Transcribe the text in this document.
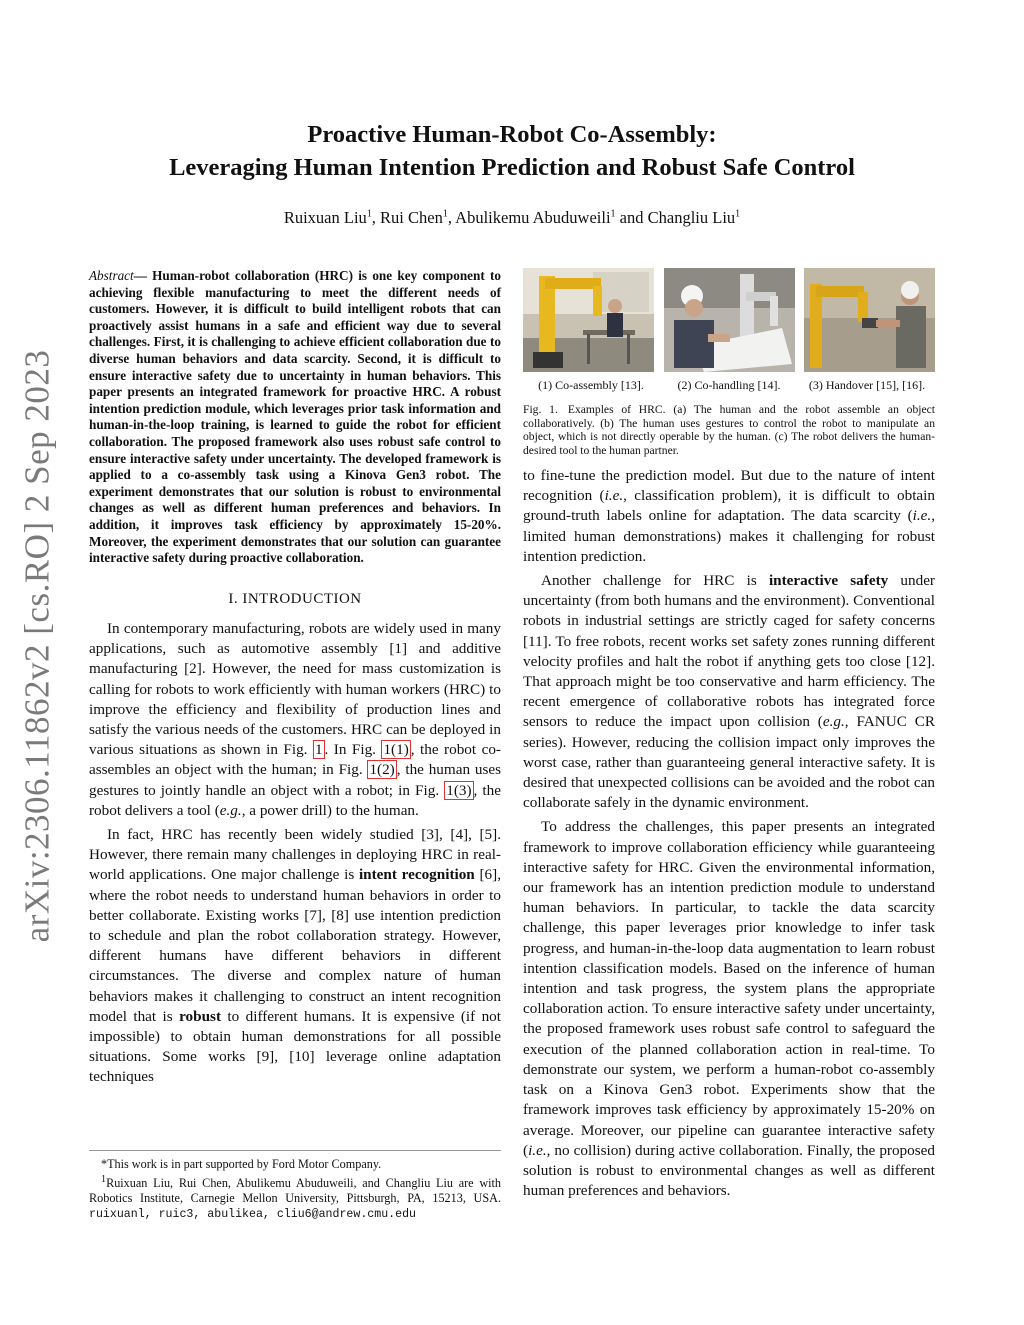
arXiv:2306.11862v2 [cs.RO] 2 Sep 2023
Proactive Human-Robot Co-Assembly:
Leveraging Human Intention Prediction and Robust Safe Control
Ruixuan Liu$^1$, Rui Chen$^1$, Abulikemu Abuduweili$^1$ and Changliu Liu$^1$

Abstract— Human-robot collaboration (HRC) is one key component to achieving flexible manufacturing to meet the different needs of customers. However, it is difficult to build intelligent robots that can proactively assist humans in a safe and efficient way due to several challenges. First, it is challenging to achieve efficient collaboration due to diverse human behaviors and data scarcity. Second, it is difficult to ensure interactive safety due to uncertainty in human behaviors. This paper presents an integrated framework for proactive HRC. A robust intention prediction module, which leverages prior task information and human-in-the-loop training, is learned to guide the robot for efficient collaboration. The proposed framework also uses robust safe control to ensure interactive safety under uncertainty. The developed framework is applied to a co-assembly task using a Kinova Gen3 robot. The experiment demonstrates that our solution is robust to environmental changes as well as different human preferences and behaviors. In addition, it improves task efficiency by approximately 15-20%. Moreover, the experiment demonstrates that our solution can guarantee interactive safety during proactive collaboration.

I. INTRODUCTION

In contemporary manufacturing, robots are widely used in many applications, such as automotive assembly [1] and additive manufacturing [2]. However, the need for mass customization is calling for robots to work efficiently with human workers (HRC) to improve the efficiency and flexibility of production lines and satisfy the various needs of the customers. HRC can be deployed in various situations as shown in Fig. 1 . In Fig. 1(1) , the robot co-assembles an object with the human; in Fig. 1(2) , the human uses gestures to jointly handle an object with a robot; in Fig. 1(3) , the robot delivers a tool (e.g., a power drill) to the human.

In fact, HRC has recently been widely studied [3], [4], [5]. However, there remain many challenges in deploying HRC in real-world applications. One major challenge is intent recognition [6], where the robot needs to understand human behaviors in order to better collaborate. Existing works [7], [8] use intention prediction to schedule and plan the robot collaboration strategy. However, different humans have different behaviors in different circumstances. The diverse and complex nature of human behaviors makes it challenging to construct an intent recognition model that is robust to different humans. It is expensive (if not impossible) to obtain human demonstrations for all possible situations. Some works [9], [10] leverage online adaptation techniques

*This work is in part supported by Ford Motor Company.

$^1$Ruixuan Liu, Rui Chen, Abulikemu Abuduweili, and Changliu Liu are with Robotics Institute, Carnegie Mellon University, Pittsburgh, PA, 15213, USA. ruixuanl, ruic3, abulikea, cliu6@andrew.cmu.edu

(1) Co-assembly [13].	(2) Co-handling [14].	(3) Handover [15], [16].
Fig. 1. Examples of HRC. (a) The human and the robot assemble an object collaboratively. (b) The human uses gestures to control the robot to manipulate an object, which is not directly operable by the human. (c) The robot delivers the human-desired tool to the human partner.

to fine-tune the prediction model. But due to the nature of intent recognition (i.e., classification problem), it is difficult to obtain ground-truth labels online for adaptation. The data scarcity (i.e., limited human demonstrations) makes it challenging for robust intention prediction.

Another challenge for HRC is interactive safety under uncertainty (from both humans and the environment). Conventional robots in industrial settings are strictly caged for safety concerns [11]. To free robots, recent works set safety zones running different velocity profiles and halt the robot if anything gets too close [12]. That approach might be too conservative and harm efficiency. The recent emergence of collaborative robots has integrated force sensors to reduce the impact upon collision (e.g., FANUC CR series). However, reducing the collision impact only improves the worst case, rather than guaranteeing general interactive safety. It is desired that unexpected collisions can be avoided and the robot can collaborate safely in the dynamic environment.

To address the challenges, this paper presents an integrated framework to improve collaboration efficiency while guaranteeing interactive safety for HRC. Given the environmental information, our framework has an intention prediction module to understand human behaviors. In particular, to tackle the data scarcity challenge, this paper leverages prior knowledge to infer task progress, and human-in-the-loop data augmentation to learn robust intention classification models. Based on the inference of human intention and task progress, the system plans the appropriate collaboration action. To ensure interactive safety under uncertainty, the proposed framework uses robust safe control to safeguard the execution of the planned collaboration action in real-time. To demonstrate our system, we perform a human-robot co-assembly task on a Kinova Gen3 robot. Experiments show that the framework improves task efficiency by approximately 15-20% on average. Moreover, our pipeline can guarantee interactive safety (i.e., no collision) during active collaboration. Finally, the proposed solution is robust to environmental changes as well as different human preferences and behaviors.
